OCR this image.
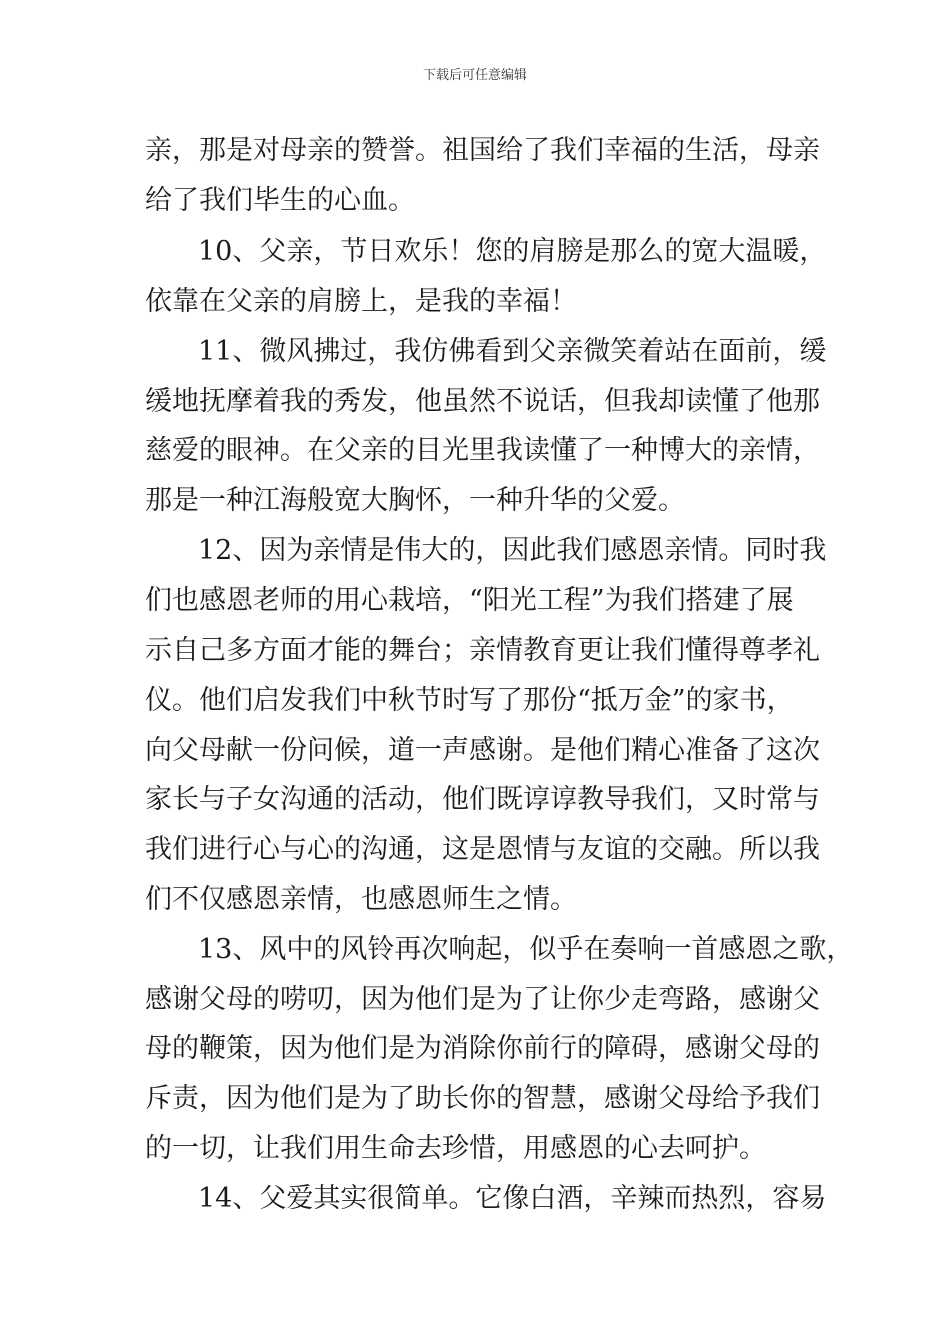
下载后可任意编辑
亲，那是对母亲的赞誉。祖国给了我们幸福的生活，母亲
给了我们毕生的心血。
10、父亲，节日欢乐！您的肩膀是那么的宽大温暖，
依靠在父亲的肩膀上，是我的幸福！
11、微风拂过，我仿佛看到父亲微笑着站在面前，缓
缓地抚摩着我的秀发，他虽然不说话，但我却读懂了他那
慈爱的眼神。在父亲的目光里我读懂了一种博大的亲情，
那是一种江海般宽大胸怀，一种升华的父爱。
12、因为亲情是伟大的，因此我们感恩亲情。同时我
们也感恩老师的用心栽培，“阳光工程”为我们搭建了展
示自己多方面才能的舞台；亲情教育更让我们懂得尊孝礼
仪。他们启发我们中秋节时写了那份“抵万金”的家书，
向父母献一份问候，道一声感谢。是他们精心准备了这次
家长与子女沟通的活动，他们既谆谆教导我们，又时常与
我们进行心与心的沟通，这是恩情与友谊的交融。所以我
们不仅感恩亲情，也感恩师生之情。
13、风中的风铃再次响起，似乎在奏响一首感恩之歌，
感谢父母的唠叨，因为他们是为了让你少走弯路，感谢父
母的鞭策，因为他们是为消除你前行的障碍，感谢父母的
斥责，因为他们是为了助长你的智慧，感谢父母给予我们
的一切，让我们用生命去珍惜，用感恩的心去呵护。
14、父爱其实很简单。它像白酒，辛辣而热烈，容易
